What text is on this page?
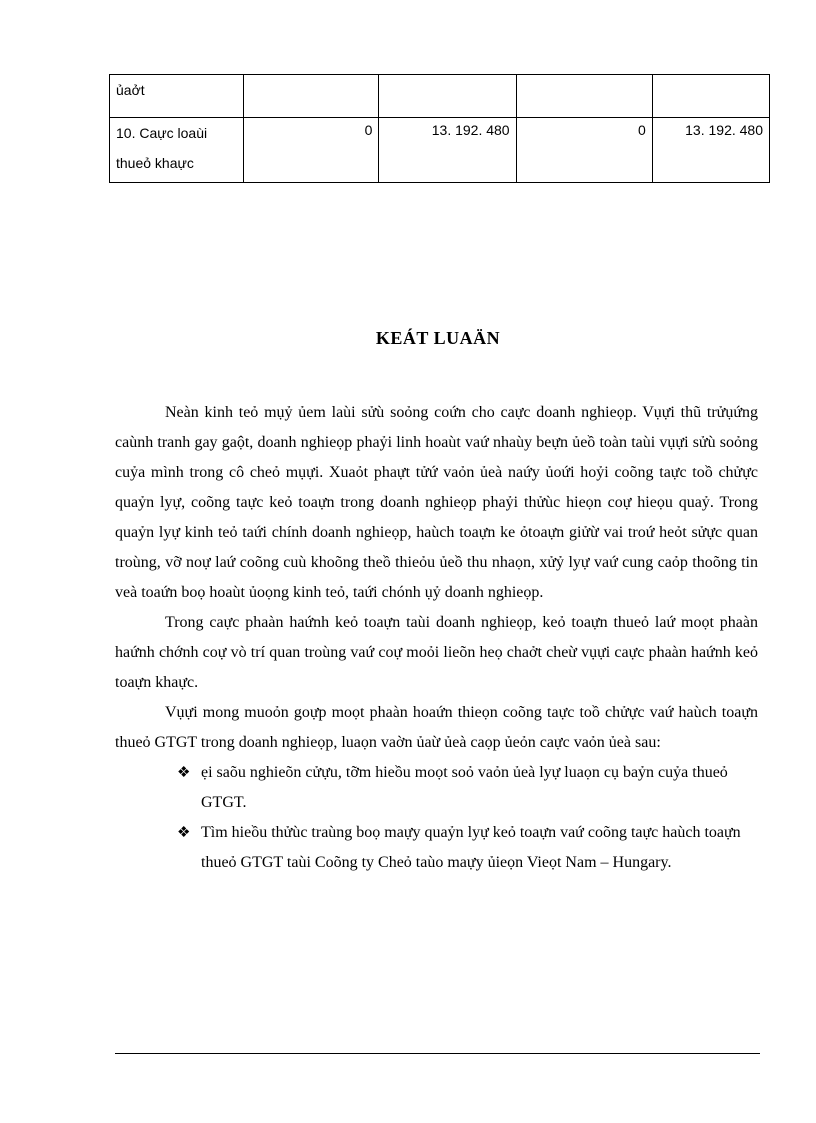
ủaởt				
10. Caực loaùi thueỏ khaực	0	13. 192. 480	0	13. 192. 480
KEÁT LUAÄN

Neàn kinh teỏ mụỷ ủem laùi sửù soỏng coứn cho caực doanh nghieọp. Vụựi thũ trửụứng caùnh tranh gay gaột, doanh nghieọp phaỷi linh hoaùt vaứ nhaùy beựn ủeồ toàn taùi vụựi sửù soỏng cuỷa mình trong cô cheỏ mụựi. Xuaỏt phaựt tửứ vaỏn ủeà naứy ủoứi hoỷi coõng taực toồ chửực quaỷn lyự, coõng taực keỏ toaựn trong doanh nghieọp phaỷi thửùc hieọn coự hieọu quaỷ. Trong quaỷn lyự kinh teỏ taứi chính doanh nghieọp, haùch toaựn ke ỏtoaựn giửừ vai troứ heỏt sửực quan troùng, vỡ noự laứ coõng cuù khoõng theồ thieỏu ủeồ thu nhaọn, xửỷ lyự vaứ cung caỏp thoõng tin veà toaứn boọ hoaùt ủoọng kinh teỏ, taứi chónh ụỷ doanh nghieọp.

Trong caực phaàn haứnh keỏ toaựn taùi doanh nghieọp, keỏ toaựn thueỏ laứ moọt phaàn haứnh chớnh coự vò trí quan troùng vaứ coự moỏi lieõn heọ chaởt cheừ vụựi caực phaàn haứnh keỏ toaựn khaực.

Vụựi mong muoỏn goựp moọt phaàn hoaứn thieọn coõng taực toồ chửực vaứ haùch toaựn thueỏ GTGT trong doanh nghieọp, luaọn vaờn ủaừ ủeà caọp ủeỏn caực vaỏn ủeà sau:

❖ ẹi saõu nghieõn cửựu, tỡm hieồu moọt soỏ vaỏn ủeà lyự luaọn cụ baỷn cuỷa thueỏ GTGT.
❖ Tìm hieồu thửùc traùng boọ maựy quaỷn lyự keỏ toaựn vaứ coõng taực haùch toaựn thueỏ GTGT taùi Coõng ty Cheỏ taùo maựy ủieọn Vieọt Nam – Hungary.
